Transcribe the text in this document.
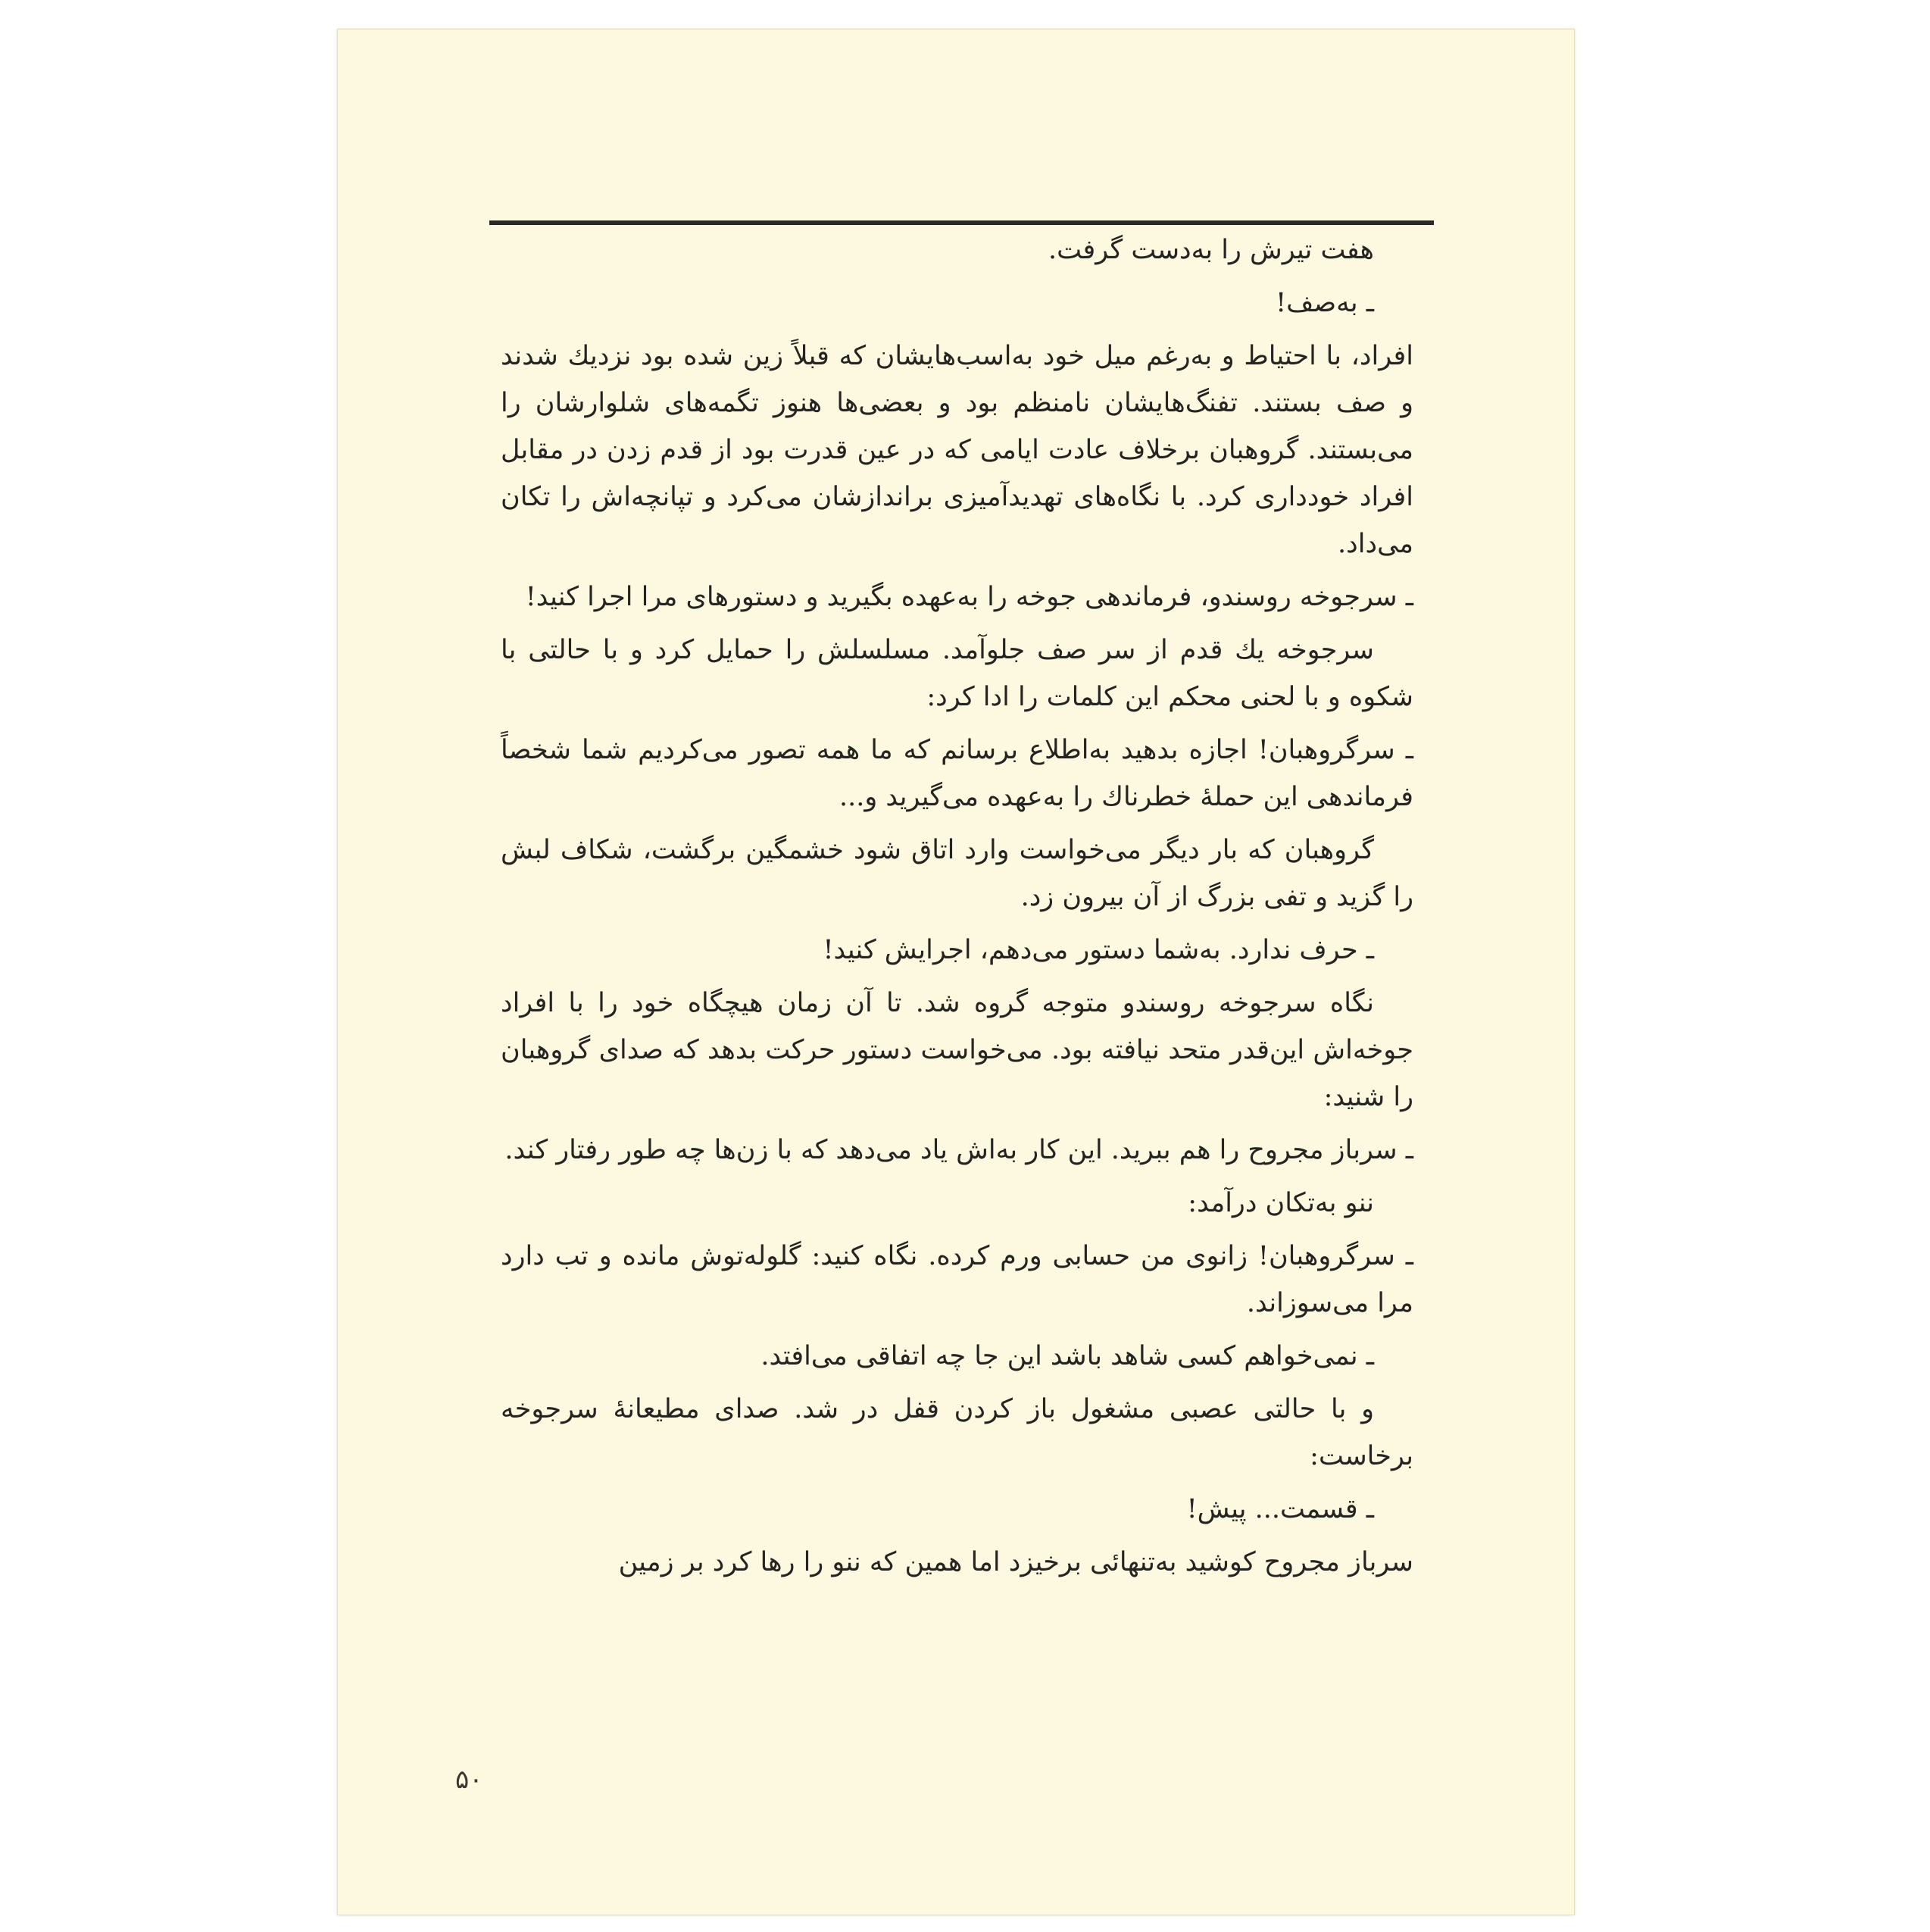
هفت تیرش را به‌دست گرفت.

ـ به‌صف!

افراد، با احتیاط و به‌رغم میل خود به‌اسب‌هایشان که قبلاً زین شده بود نزدیك شدند و صف بستند. تفنگ‌هایشان نامنظم بود و بعضی‌ها هنوز تگمه‌های شلوارشان را می‌بستند. گروهبان برخلاف عادت ایامی که در عین قدرت بود از قدم زدن در مقابل افراد خودداری کرد. با نگاه‌های تهدیدآمیزی براندازشان می‌کرد و تپانچه‌اش را تکان می‌داد.

ـ سرجوخه روسندو، فرماندهی جوخه را به‌عهده بگیرید و دستورهای مرا اجرا کنید!

سرجوخه یك قدم از سر صف جلوآمد. مسلسلش را حمایل کرد و با حالتی با شکوه و با لحنی محکم این کلمات را ادا کرد:

ـ سرگروهبان! اجازه بدهید به‌اطلاع برسانم که ما همه تصور می‌کردیم شما شخصاً فرماندهی این حملهٔ خطرناك را به‌عهده می‌گیرید و...

گروهبان که بار دیگر می‌خواست وارد اتاق شود خشمگین برگشت، شکاف لبش را گزید و تفی بزرگ از آن بیرون زد.

ـ حرف ندارد. به‌شما دستور می‌دهم، اجرایش کنید!

نگاه سرجوخه روسندو متوجه گروه شد. تا آن زمان هیچگاه خود را با افراد جوخه‌اش این‌قدر متحد نیافته بود. می‌خواست دستور حرکت بدهد که صدای گروهبان را شنید:

ـ سرباز مجروح را هم ببرید. این کار به‌اش یاد می‌دهد که با زن‌ها چه طور رفتار کند.

ننو به‌تکان درآمد:

ـ سرگروهبان! زانوی من حسابی ورم کرده. نگاه کنید: گلوله‌توش مانده و تب دارد مرا می‌سوزاند.

ـ نمی‌خواهم کسی شاهد باشد این جا چه اتفاقی می‌افتد.

و با حالتی عصبی مشغول باز کردن قفل در شد. صدای مطیعانهٔ سرجوخه برخاست:

ـ قسمت... پیش!

سرباز مجروح کوشید به‌تنهائی برخیزد اما همین که ننو را رها کرد بر زمین

۵۰
